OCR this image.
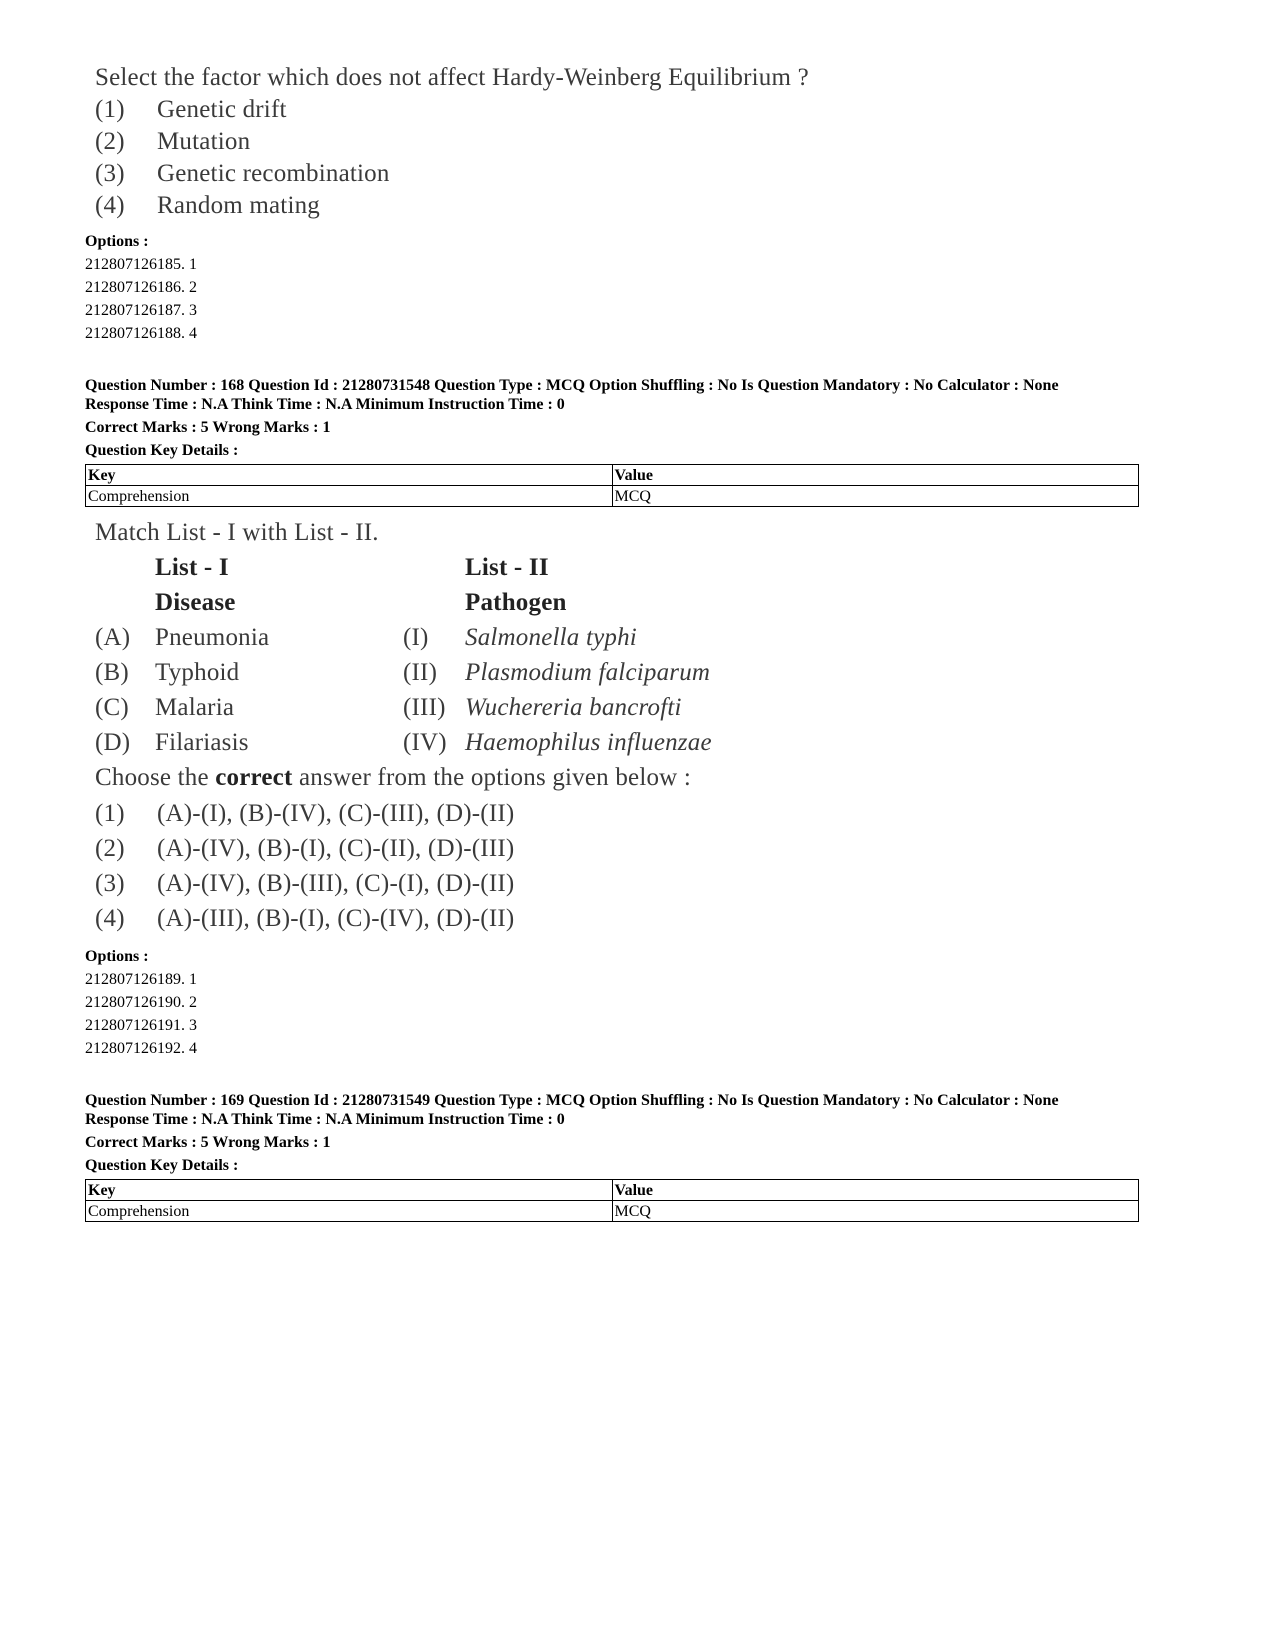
Select the factor which does not affect Hardy-Weinberg Equilibrium ?
(1) Genetic drift
(2) Mutation
(3) Genetic recombination
(4) Random mating
Options :
212807126185. 1
212807126186. 2
212807126187. 3
212807126188. 4
Question Number : 168 Question Id : 21280731548 Question Type : MCQ Option Shuffling : No Is Question Mandatory : No Calculator : None
Response Time : N.A Think Time : N.A Minimum Instruction Time : 0
Correct Marks : 5 Wrong Marks : 1
Question Key Details :
Key	Value
Comprehension	MCQ
Match List - I with List - II.
List - I	List - II
Disease	Pathogen
(A) Pneumonia	(I) Salmonella typhi
(B) Typhoid	(II) Plasmodium falciparum
(C) Malaria	(III) Wuchereria bancrofti
(D) Filariasis	(IV) Haemophilus influenzae
Choose the correct answer from the options given below :
(1) (A)-(I), (B)-(IV), (C)-(III), (D)-(II)
(2) (A)-(IV), (B)-(I), (C)-(II), (D)-(III)
(3) (A)-(IV), (B)-(III), (C)-(I), (D)-(II)
(4) (A)-(III), (B)-(I), (C)-(IV), (D)-(II)
Options :
212807126189. 1
212807126190. 2
212807126191. 3
212807126192. 4
Question Number : 169 Question Id : 21280731549 Question Type : MCQ Option Shuffling : No Is Question Mandatory : No Calculator : None
Response Time : N.A Think Time : N.A Minimum Instruction Time : 0
Correct Marks : 5 Wrong Marks : 1
Question Key Details :
Key	Value
Comprehension	MCQ
